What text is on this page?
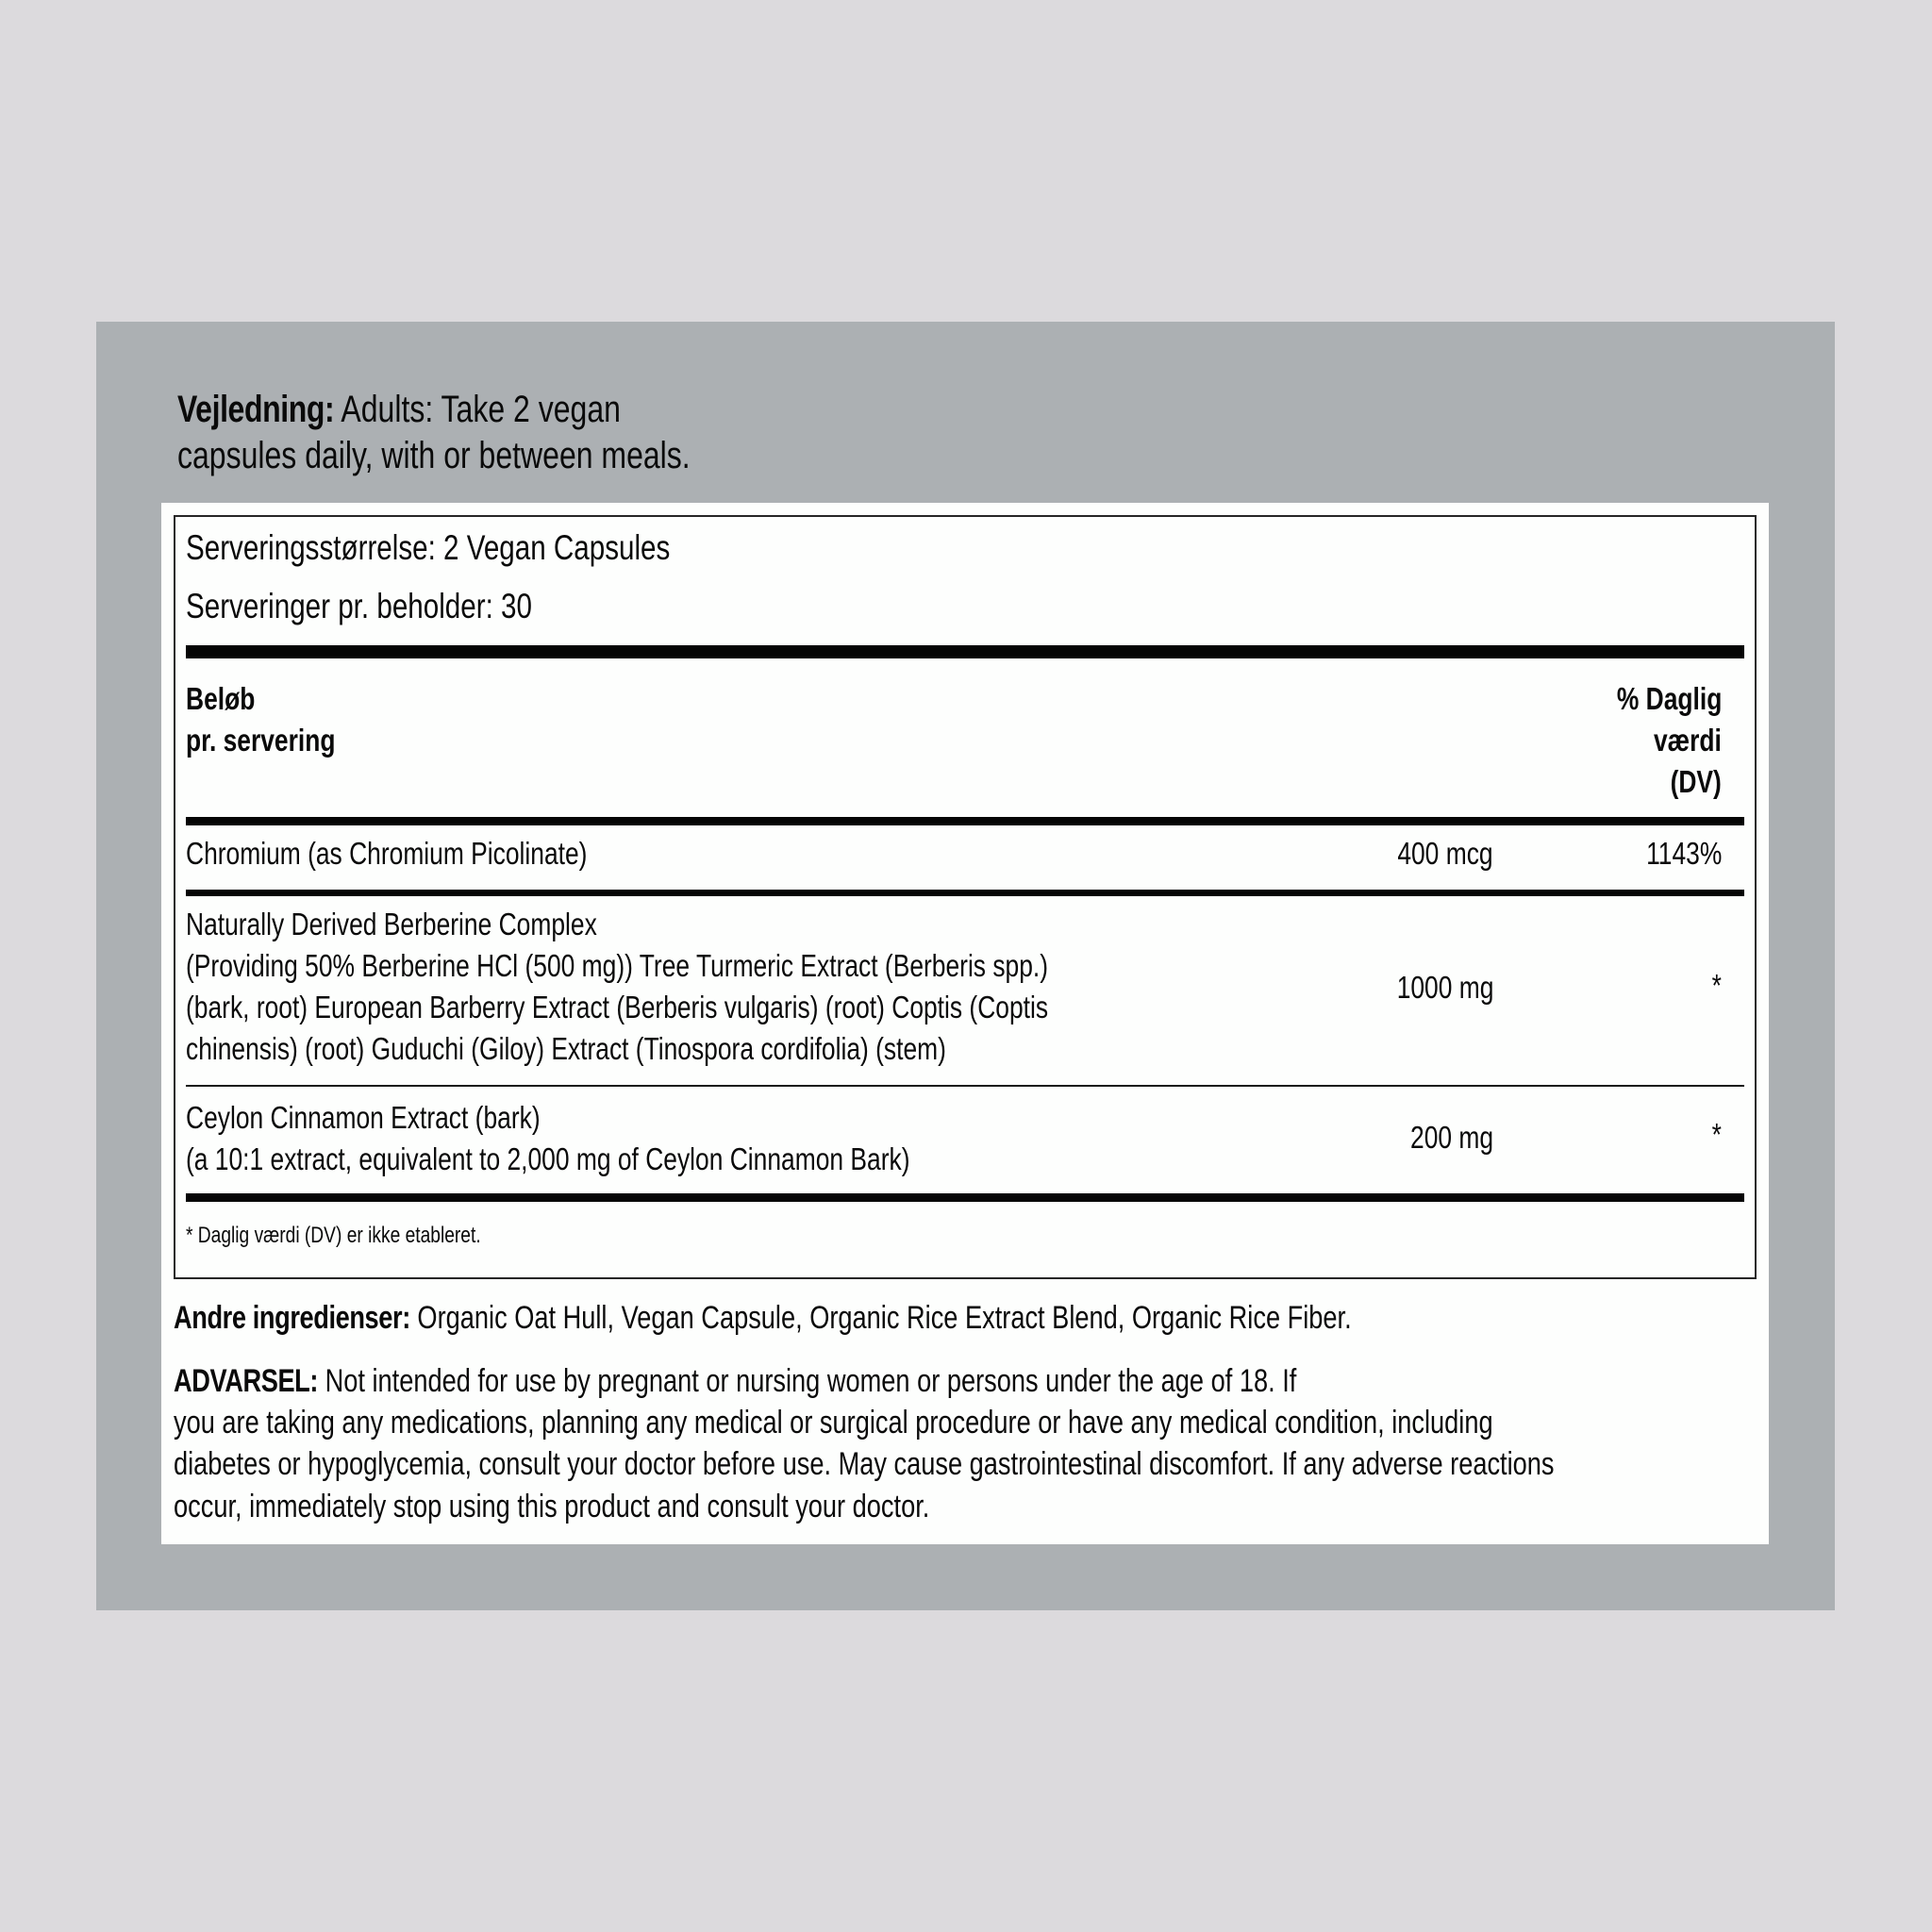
Vejledning: Adults: Take 2 vegan
capsules daily, with or between meals.
Serveringsstørrelse: 2 Vegan Capsules
Serveringer pr. beholder: 30
Beløb
pr. servering
% Daglig
værdi
(DV)
Chromium (as Chromium Picolinate)	400 mcg	1143%
Naturally Derived Berberine Complex
(Providing 50% Berberine HCl (500 mg)) Tree Turmeric Extract (Berberis spp.)
(bark, root) European Barberry Extract (Berberis vulgaris) (root) Coptis (Coptis
chinensis) (root) Guduchi (Giloy) Extract (Tinospora cordifolia) (stem)
1000 mg	*
Ceylon Cinnamon Extract (bark)
(a 10:1 extract, equivalent to 2,000 mg of Ceylon Cinnamon Bark)
200 mg	*
* Daglig værdi (DV) er ikke etableret.
Andre ingredienser: Organic Oat Hull, Vegan Capsule, Organic Rice Extract Blend, Organic Rice Fiber.
ADVARSEL: Not intended for use by pregnant or nursing women or persons under the age of 18. If
you are taking any medications, planning any medical or surgical procedure or have any medical condition, including
diabetes or hypoglycemia, consult your doctor before use. May cause gastrointestinal discomfort. If any adverse reactions
occur, immediately stop using this product and consult your doctor.
